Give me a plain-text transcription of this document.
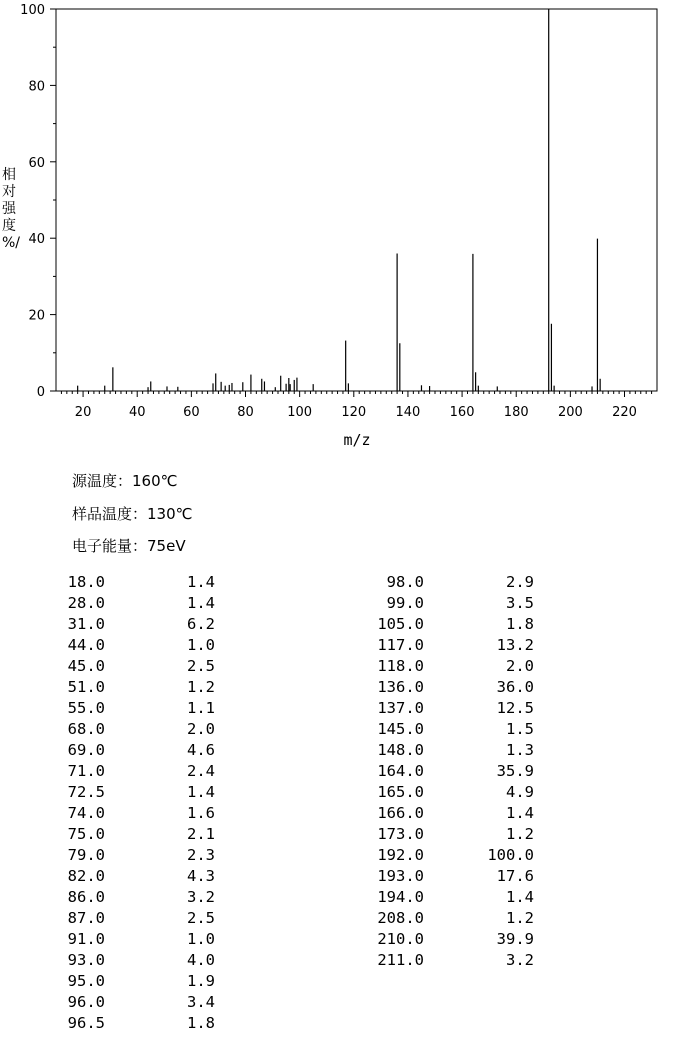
20	40	60	80	100 120 140 160 180 200 220
0
20
40
60
80
100
m/z
相对强度%/
源温度：160℃
样品温度：130℃
电子能量：75eV
18.0	1.4
28.0	1.4
31.0	6.2
44.0	1.0
45.0	2.5
51.0	1.2
55.0	1.1
68.0	2.0
69.0	4.6
71.0	2.4
72.5	1.4
74.0	1.6
75.0	2.1
79.0	2.3
82.0	4.3
86.0	3.2
87.0	2.5
91.0	1.0
93.0	4.0
95.0	1.9
96.0	3.4
96.5	1.8
98.0	2.9
99.0	3.5
105.0	1.8
117.0	13.2
118.0	2.0
136.0	36.0
137.0	12.5
145.0	1.5
148.0	1.3
164.0	35.9
165.0	4.9
166.0	1.4
173.0	1.2
192.0	100.0
193.0	17.6
194.0	1.4
208.0	1.2
210.0	39.9
211.0	3.2
